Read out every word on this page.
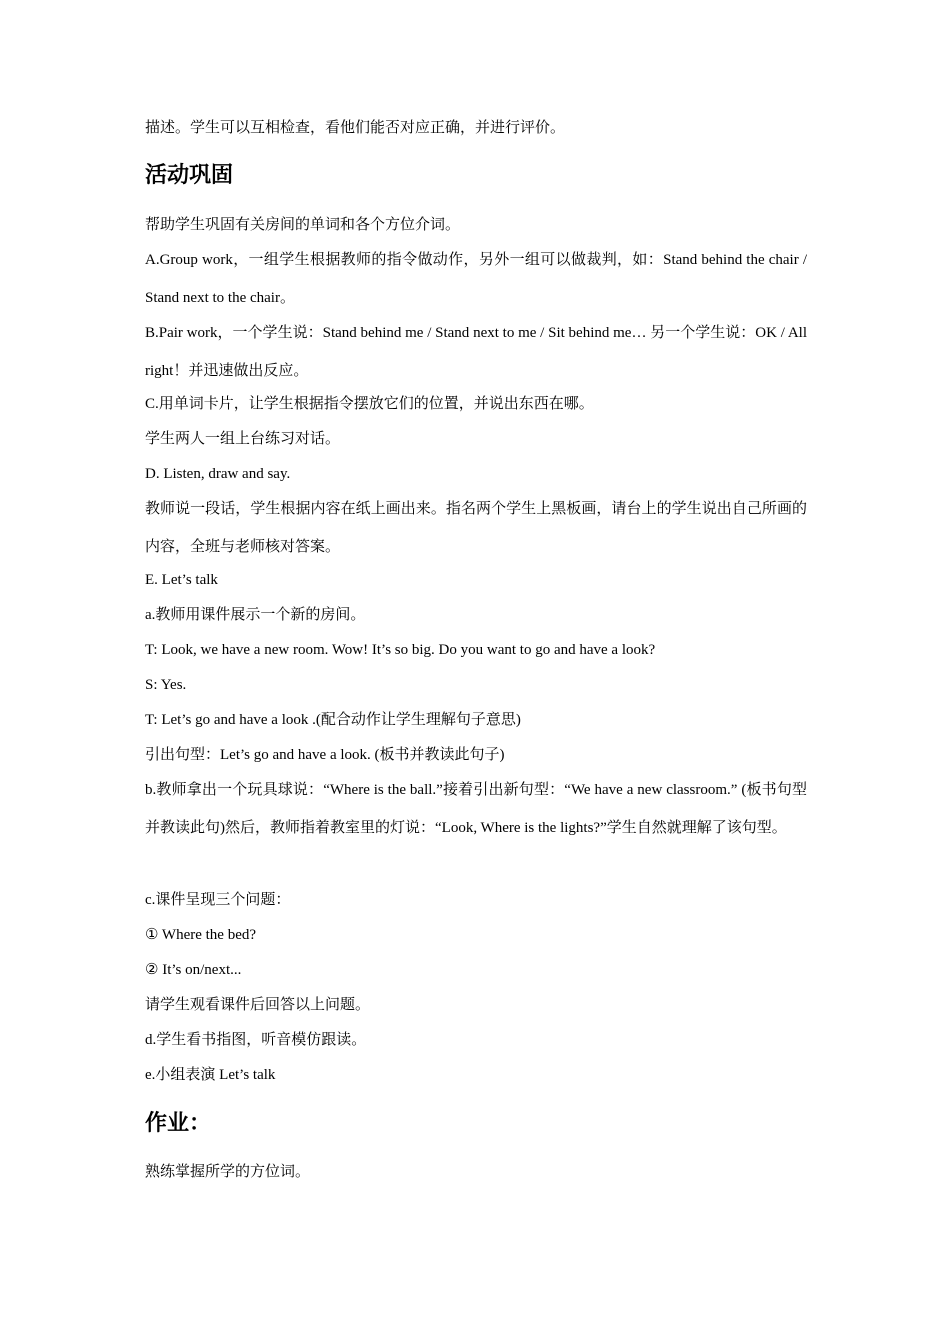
描述。学生可以互相检查，看他们能否对应正确，并进行评价。
活动巩固
帮助学生巩固有关房间的单词和各个方位介词。
A.Group work，一组学生根据教师的指令做动作，另外一组可以做裁判，如：Stand behind the chair / Stand next to the chair。
B.Pair work，一个学生说：Stand behind me / Stand next to me / Sit behind me… 另一个学生说：OK / All right！并迅速做出反应。
C.用单词卡片，让学生根据指令摆放它们的位置，并说出东西在哪。
学生两人一组上台练习对话。
D. Listen, draw and say.
教师说一段话，学生根据内容在纸上画出来。指名两个学生上黑板画，请台上的学生说出自己所画的内容，全班与老师核对答案。
E. Let’s talk
a.教师用课件展示一个新的房间。
T: Look, we have a new room. Wow! It’s so big. Do you want to go and have a look?
S: Yes.
T: Let’s go and have a look .(配合动作让学生理解句子意思)
引出句型：Let’s go and have a look. (板书并教读此句子)
b.教师拿出一个玩具球说：“Where is the ball.”接着引出新句型：“We have a new classroom.” (板书句型并教读此句)然后，教师指着教室里的灯说：“Look, Where is the lights?”学生自然就理解了该句型。
c.课件呈现三个问题：
① Where the bed?
② It’s on/next...
请学生观看课件后回答以上问题。
d.学生看书指图，听音模仿跟读。
e.小组表演 Let’s talk
作业：
熟练掌握所学的方位词。
